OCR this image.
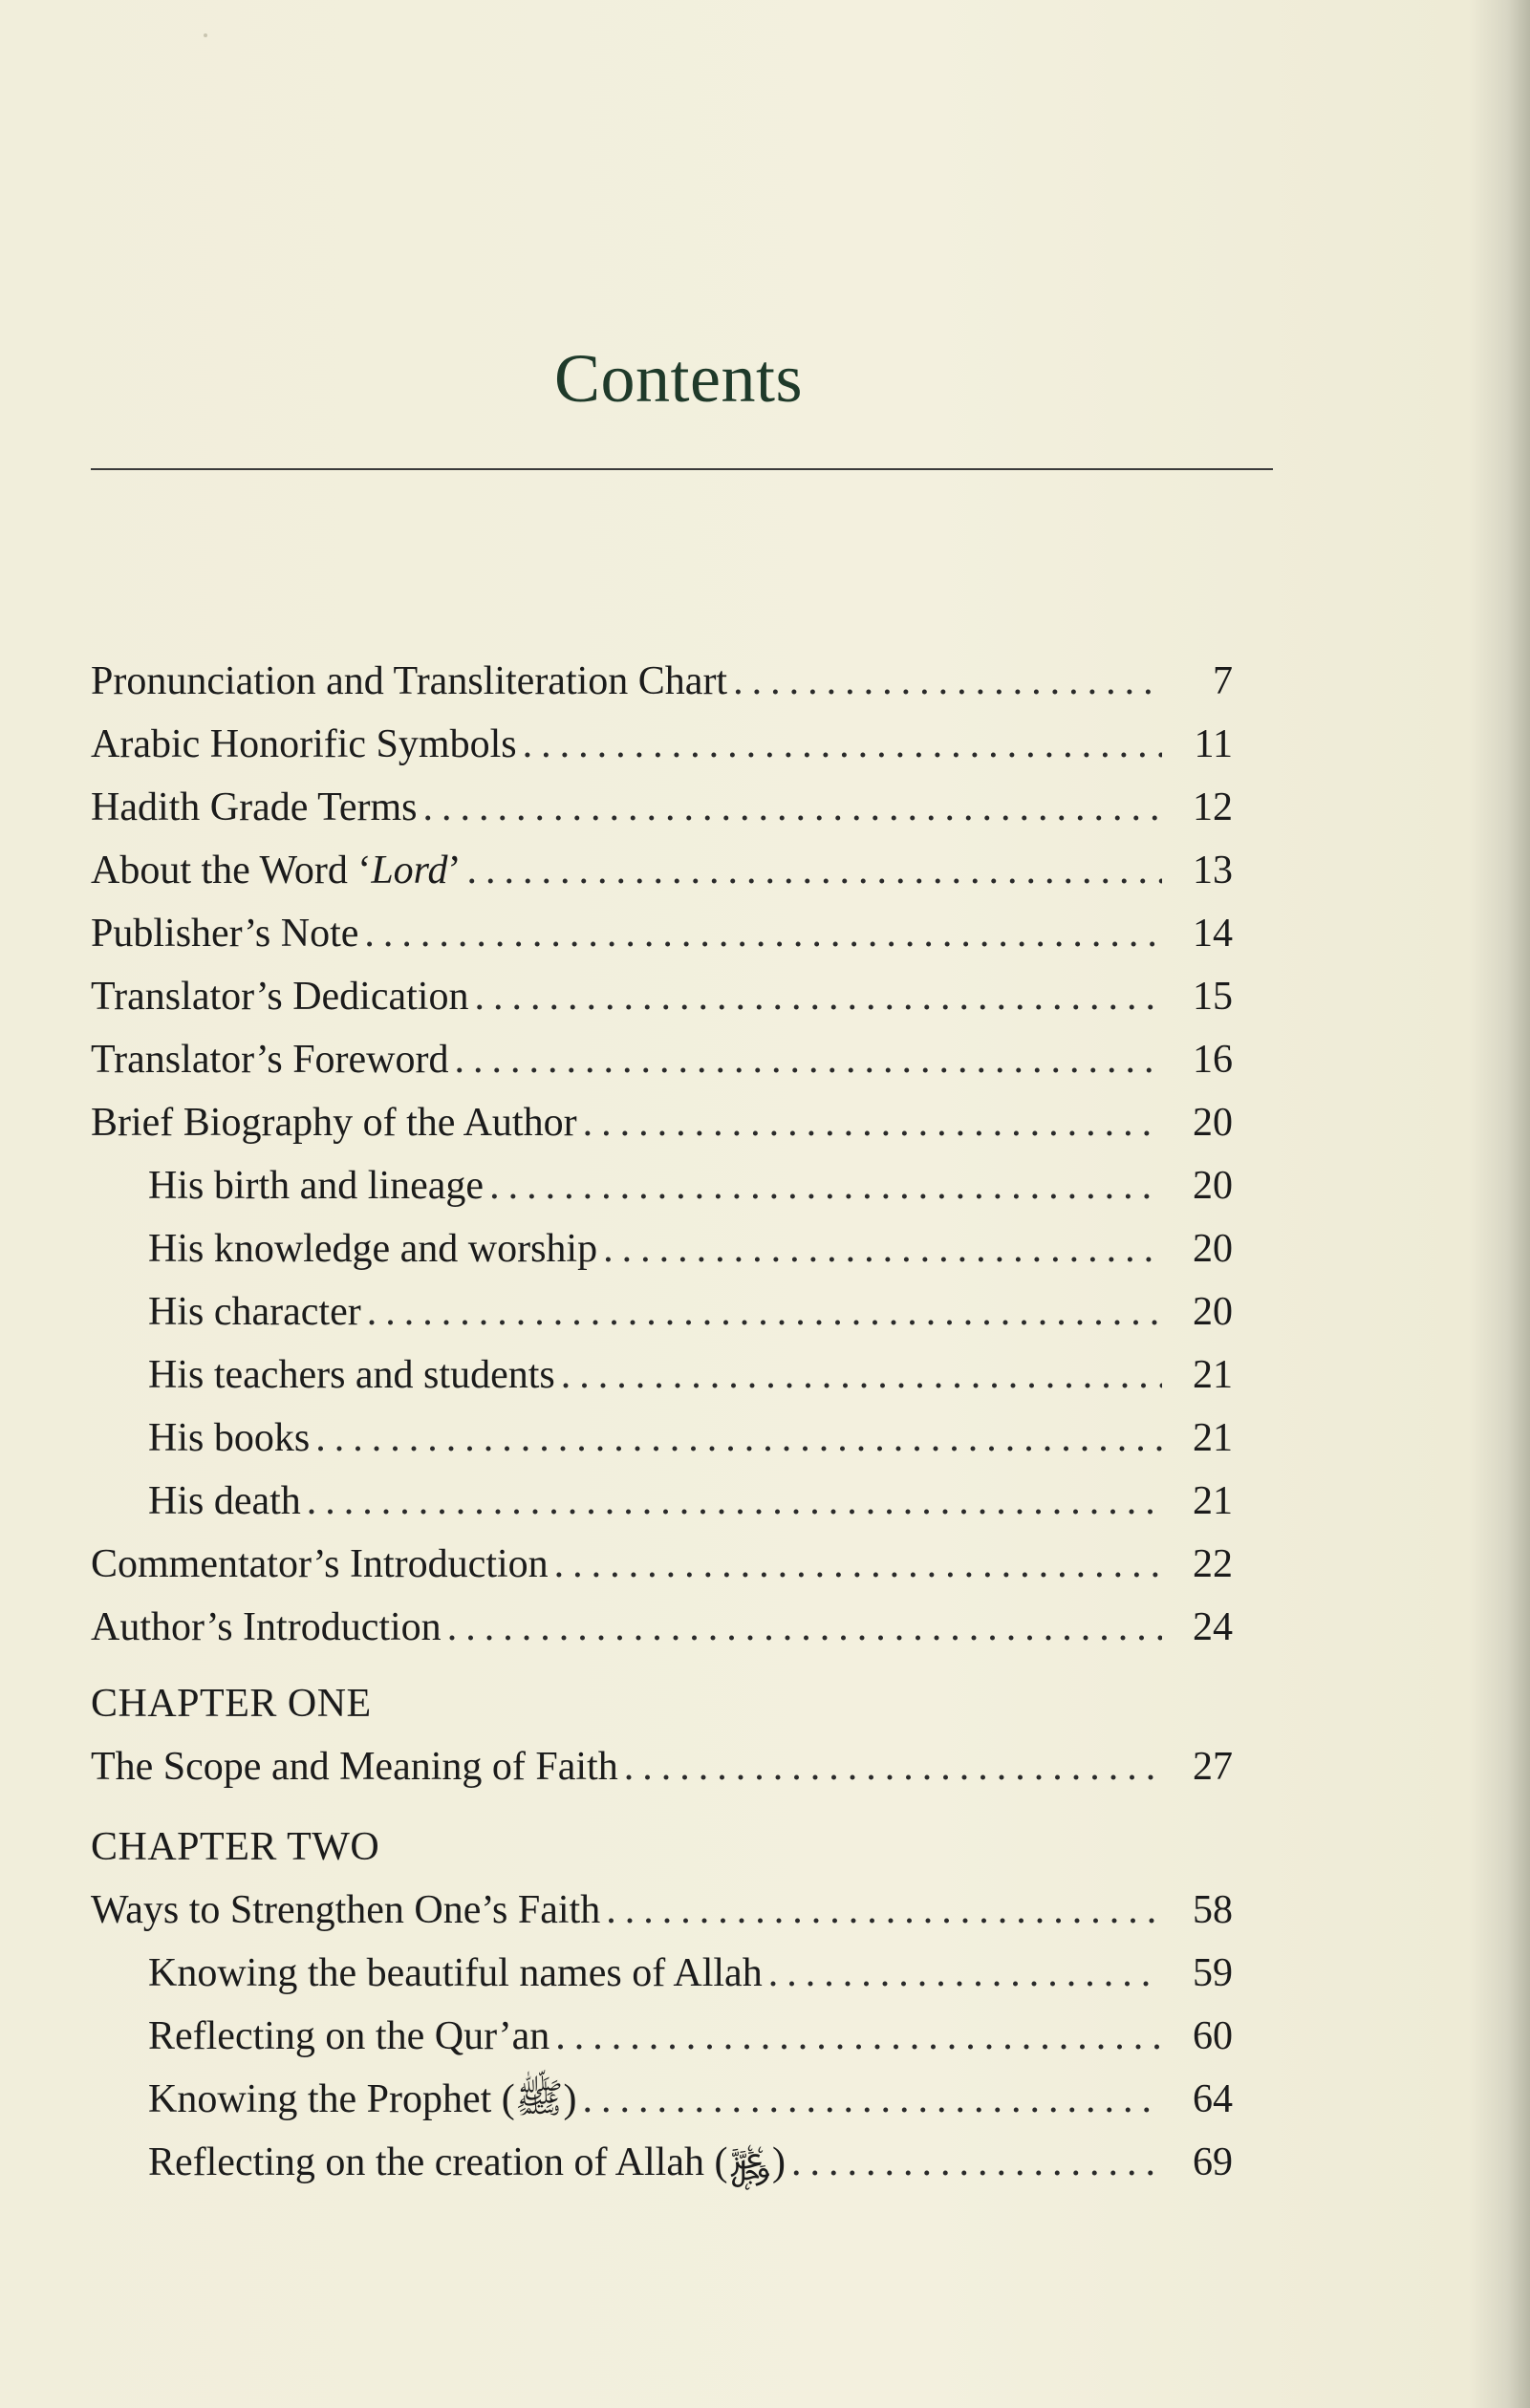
Contents
Pronunciation and Transliteration Chart .....	7
Arabic Honorific Symbols .....	11
Hadith Grade Terms .....	12
About the Word ‘Lord’ .....	13
Publisher’s Note .....	14
Translator’s Dedication .....	15
Translator’s Foreword .....	16
Brief Biography of the Author .....	20
His birth and lineage .....	20
His knowledge and worship .....	20
His character .....	20
His teachers and students .....	21
His books .....	21
His death .....	21
Commentator’s Introduction .....	22
Author’s Introduction .....	24
CHAPTER ONE
The Scope and Meaning of Faith .....	27
CHAPTER TWO
Ways to Strengthen One’s Faith .....	58
Knowing the beautiful names of Allah .....	59
Reflecting on the Qur’an .....	60
Knowing the Prophet (ﷺ) .....	64
Reflecting on the creation of Allah (﷿) .....	69
